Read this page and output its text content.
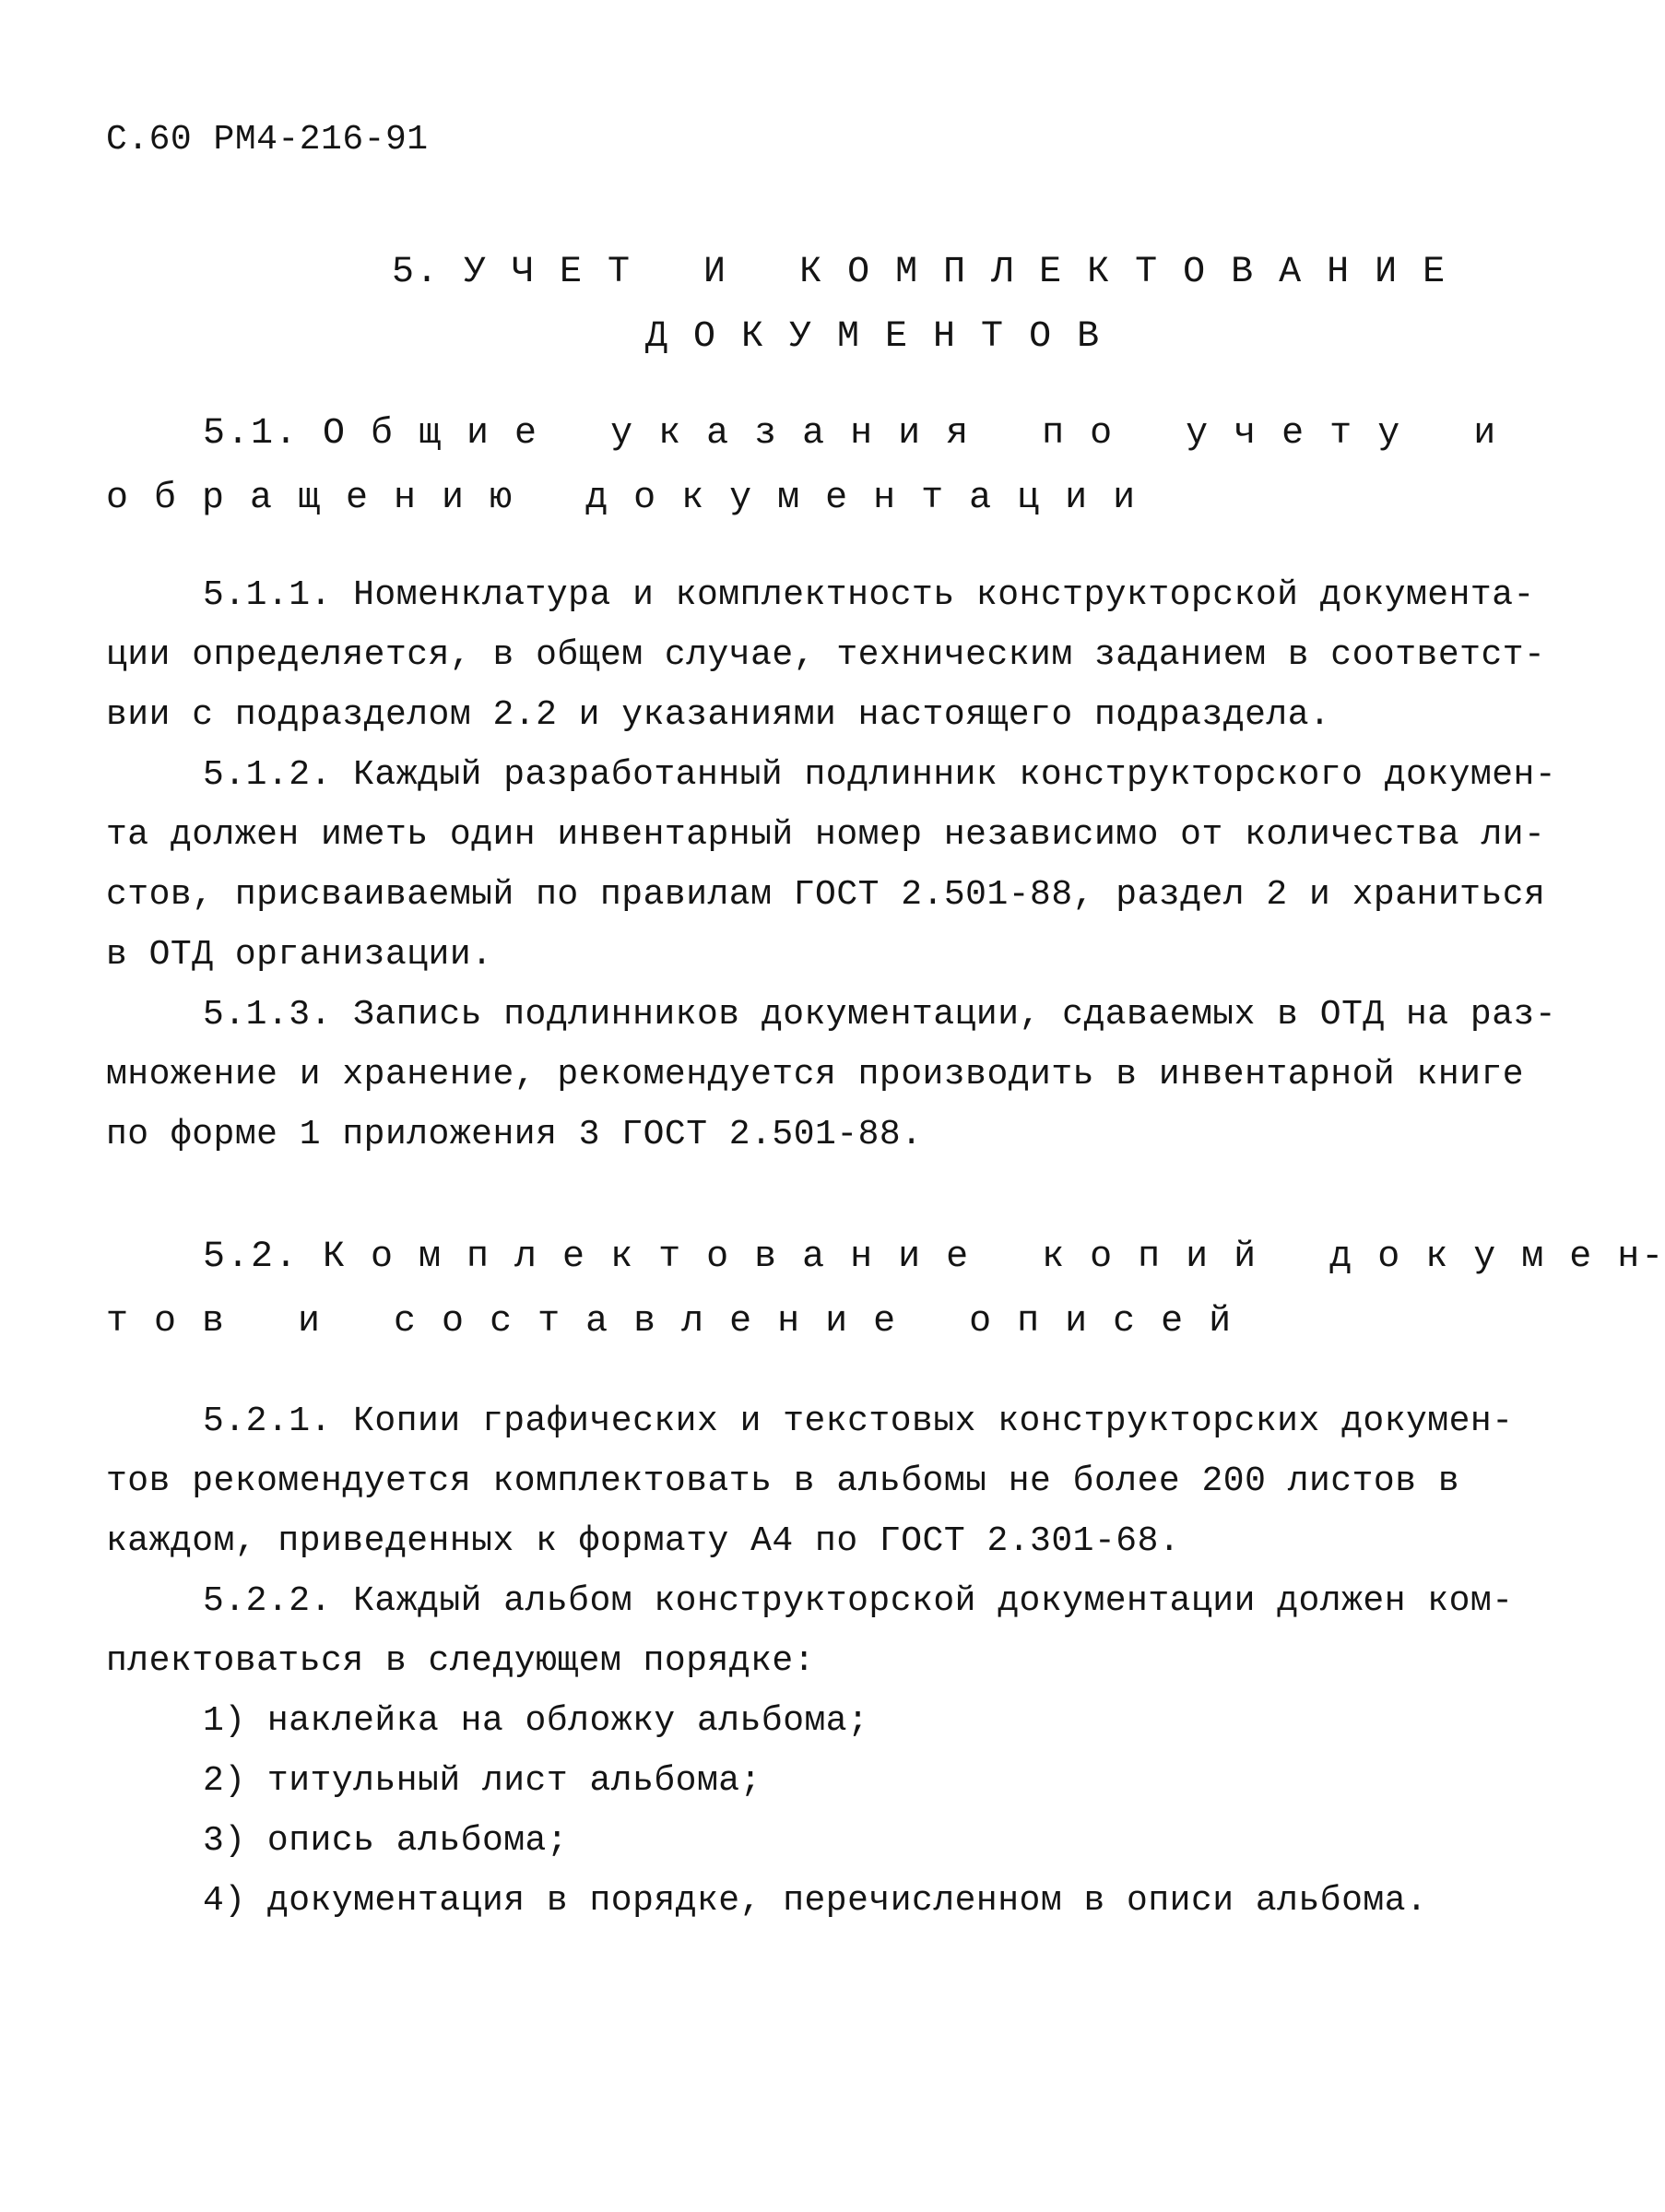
С.60 РМ4-216-91
5. У Ч Е Т   И   К О М П Л Е К Т О В А Н И Е
Д О К У М Е Н Т О В
5.1. О б щ и е   у к а з а н и я   п о   у ч е т у   и
о б р а щ е н и ю   д о к у м е н т а ц и и
5.1.1. Номенклатура и комплектность конструкторской документа-
ции определяется, в общем случае, техническим заданием в соответст-
вии с подразделом 2.2 и указаниями настоящего подраздела.
5.1.2. Каждый разработанный подлинник конструкторского докумен-
та должен иметь один инвентарный номер независимо от количества ли-
стов, присваиваемый по правилам ГОСТ 2.501-88, раздел 2 и храниться
в ОТД организации.
5.1.3. Запись подлинников документации, сдаваемых в ОТД на раз-
множение и хранение, рекомендуется производить в инвентарной книге
по форме 1 приложения 3 ГОСТ 2.501-88.
5.2. К о м п л е к т о в а н и е   к о п и й   д о к у м е н-
т о в   и   с о с т а в л е н и е   о п и с е й
5.2.1. Копии графических и текстовых конструкторских докумен-
тов рекомендуется комплектовать в альбомы не более 200 листов в
каждом, приведенных к формату А4 по ГОСТ 2.301-68.
5.2.2. Каждый альбом конструкторской документации должен ком-
плектоваться в следующем порядке:
1) наклейка на обложку альбома;
2) титульный лист альбома;
3) опись альбома;
4) документация в порядке, перечисленном в описи альбома.
